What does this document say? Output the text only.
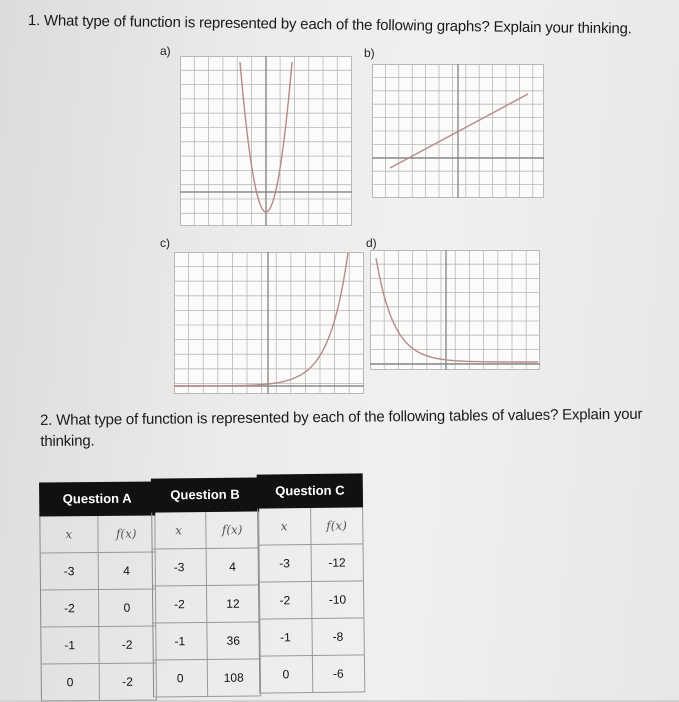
1. What type of function is represented by each of the following graphs? Explain your thinking.
a)	b)
c)	d)
2. What type of function is represented by each of the following tables of values? Explain your thinking.
Question A
x	f(x)
-3	4
-2	0
-1	-2
0	-2
Question B
x	f(x)
-3	4
-2	12
-1	36
0	108
Question C
x	f(x)
-3	-12
-2	-10
-1	-8
0	-6
